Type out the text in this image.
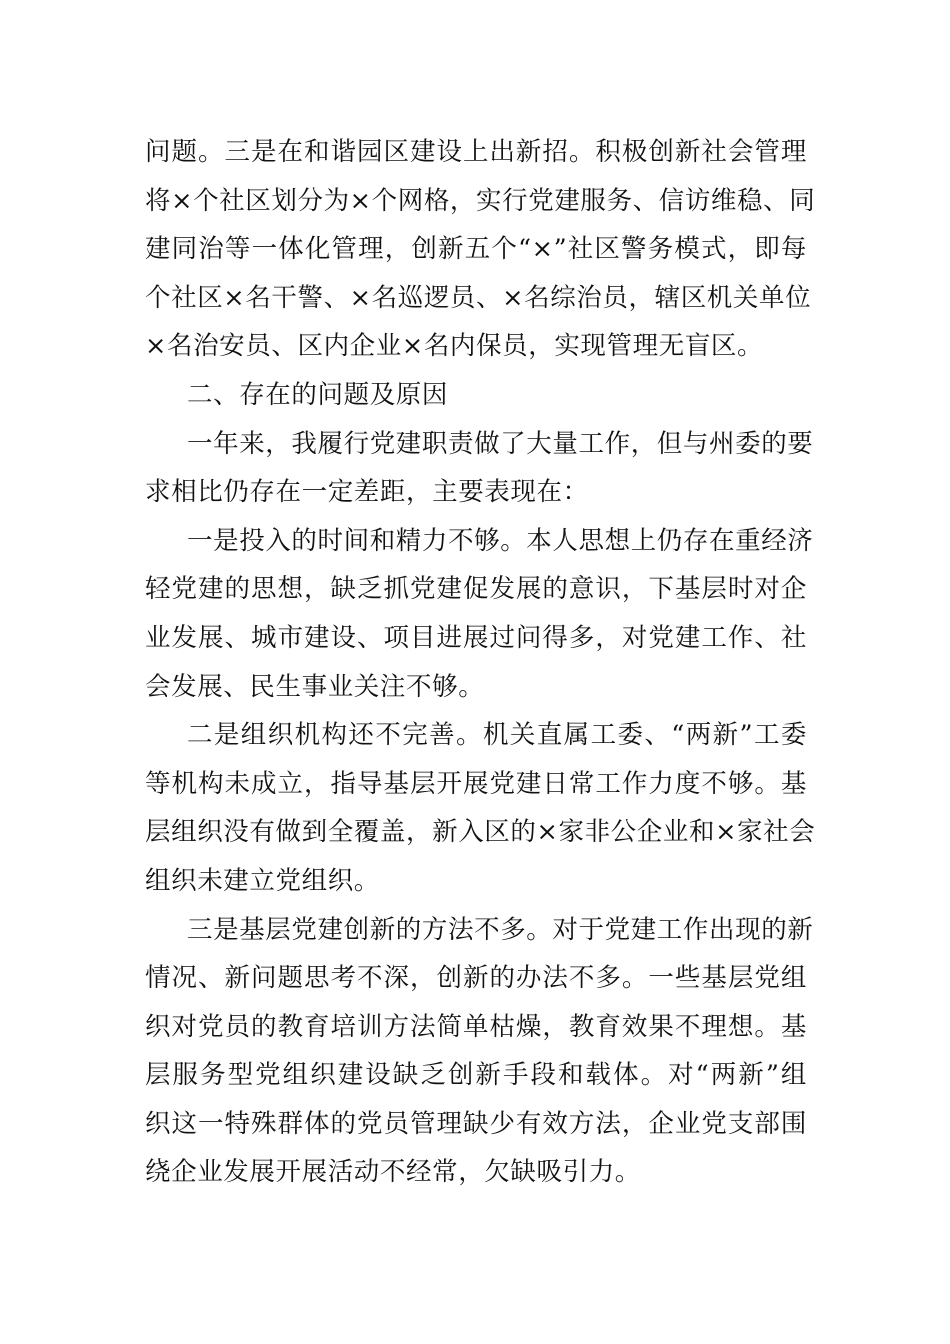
问题。三是在和谐园区建设上出新招。积极创新社会管理
将×个社区划分为×个网格，实行党建服务、信访维稳、同
建同治等一体化管理，创新五个“×”社区警务模式，即每
个社区×名干警、×名巡逻员、×名综治员，辖区机关单位
×名治安员、区内企业×名内保员，实现管理无盲区。

二、存在的问题及原因

一年来，我履行党建职责做了大量工作，但与州委的要
求相比仍存在一定差距，主要表现在：

一是投入的时间和精力不够。本人思想上仍存在重经济
轻党建的思想，缺乏抓党建促发展的意识，下基层时对企
业发展、城市建设、项目进展过问得多，对党建工作、社
会发展、民生事业关注不够。

二是组织机构还不完善。机关直属工委、“两新”工委
等机构未成立，指导基层开展党建日常工作力度不够。基
层组织没有做到全覆盖，新入区的×家非公企业和×家社会
组织未建立党组织。

三是基层党建创新的方法不多。对于党建工作出现的新
情况、新问题思考不深，创新的办法不多。一些基层党组
织对党员的教育培训方法简单枯燥，教育效果不理想。基
层服务型党组织建设缺乏创新手段和载体。对“两新”组
织这一特殊群体的党员管理缺少有效方法，企业党支部围
绕企业发展开展活动不经常，欠缺吸引力。
